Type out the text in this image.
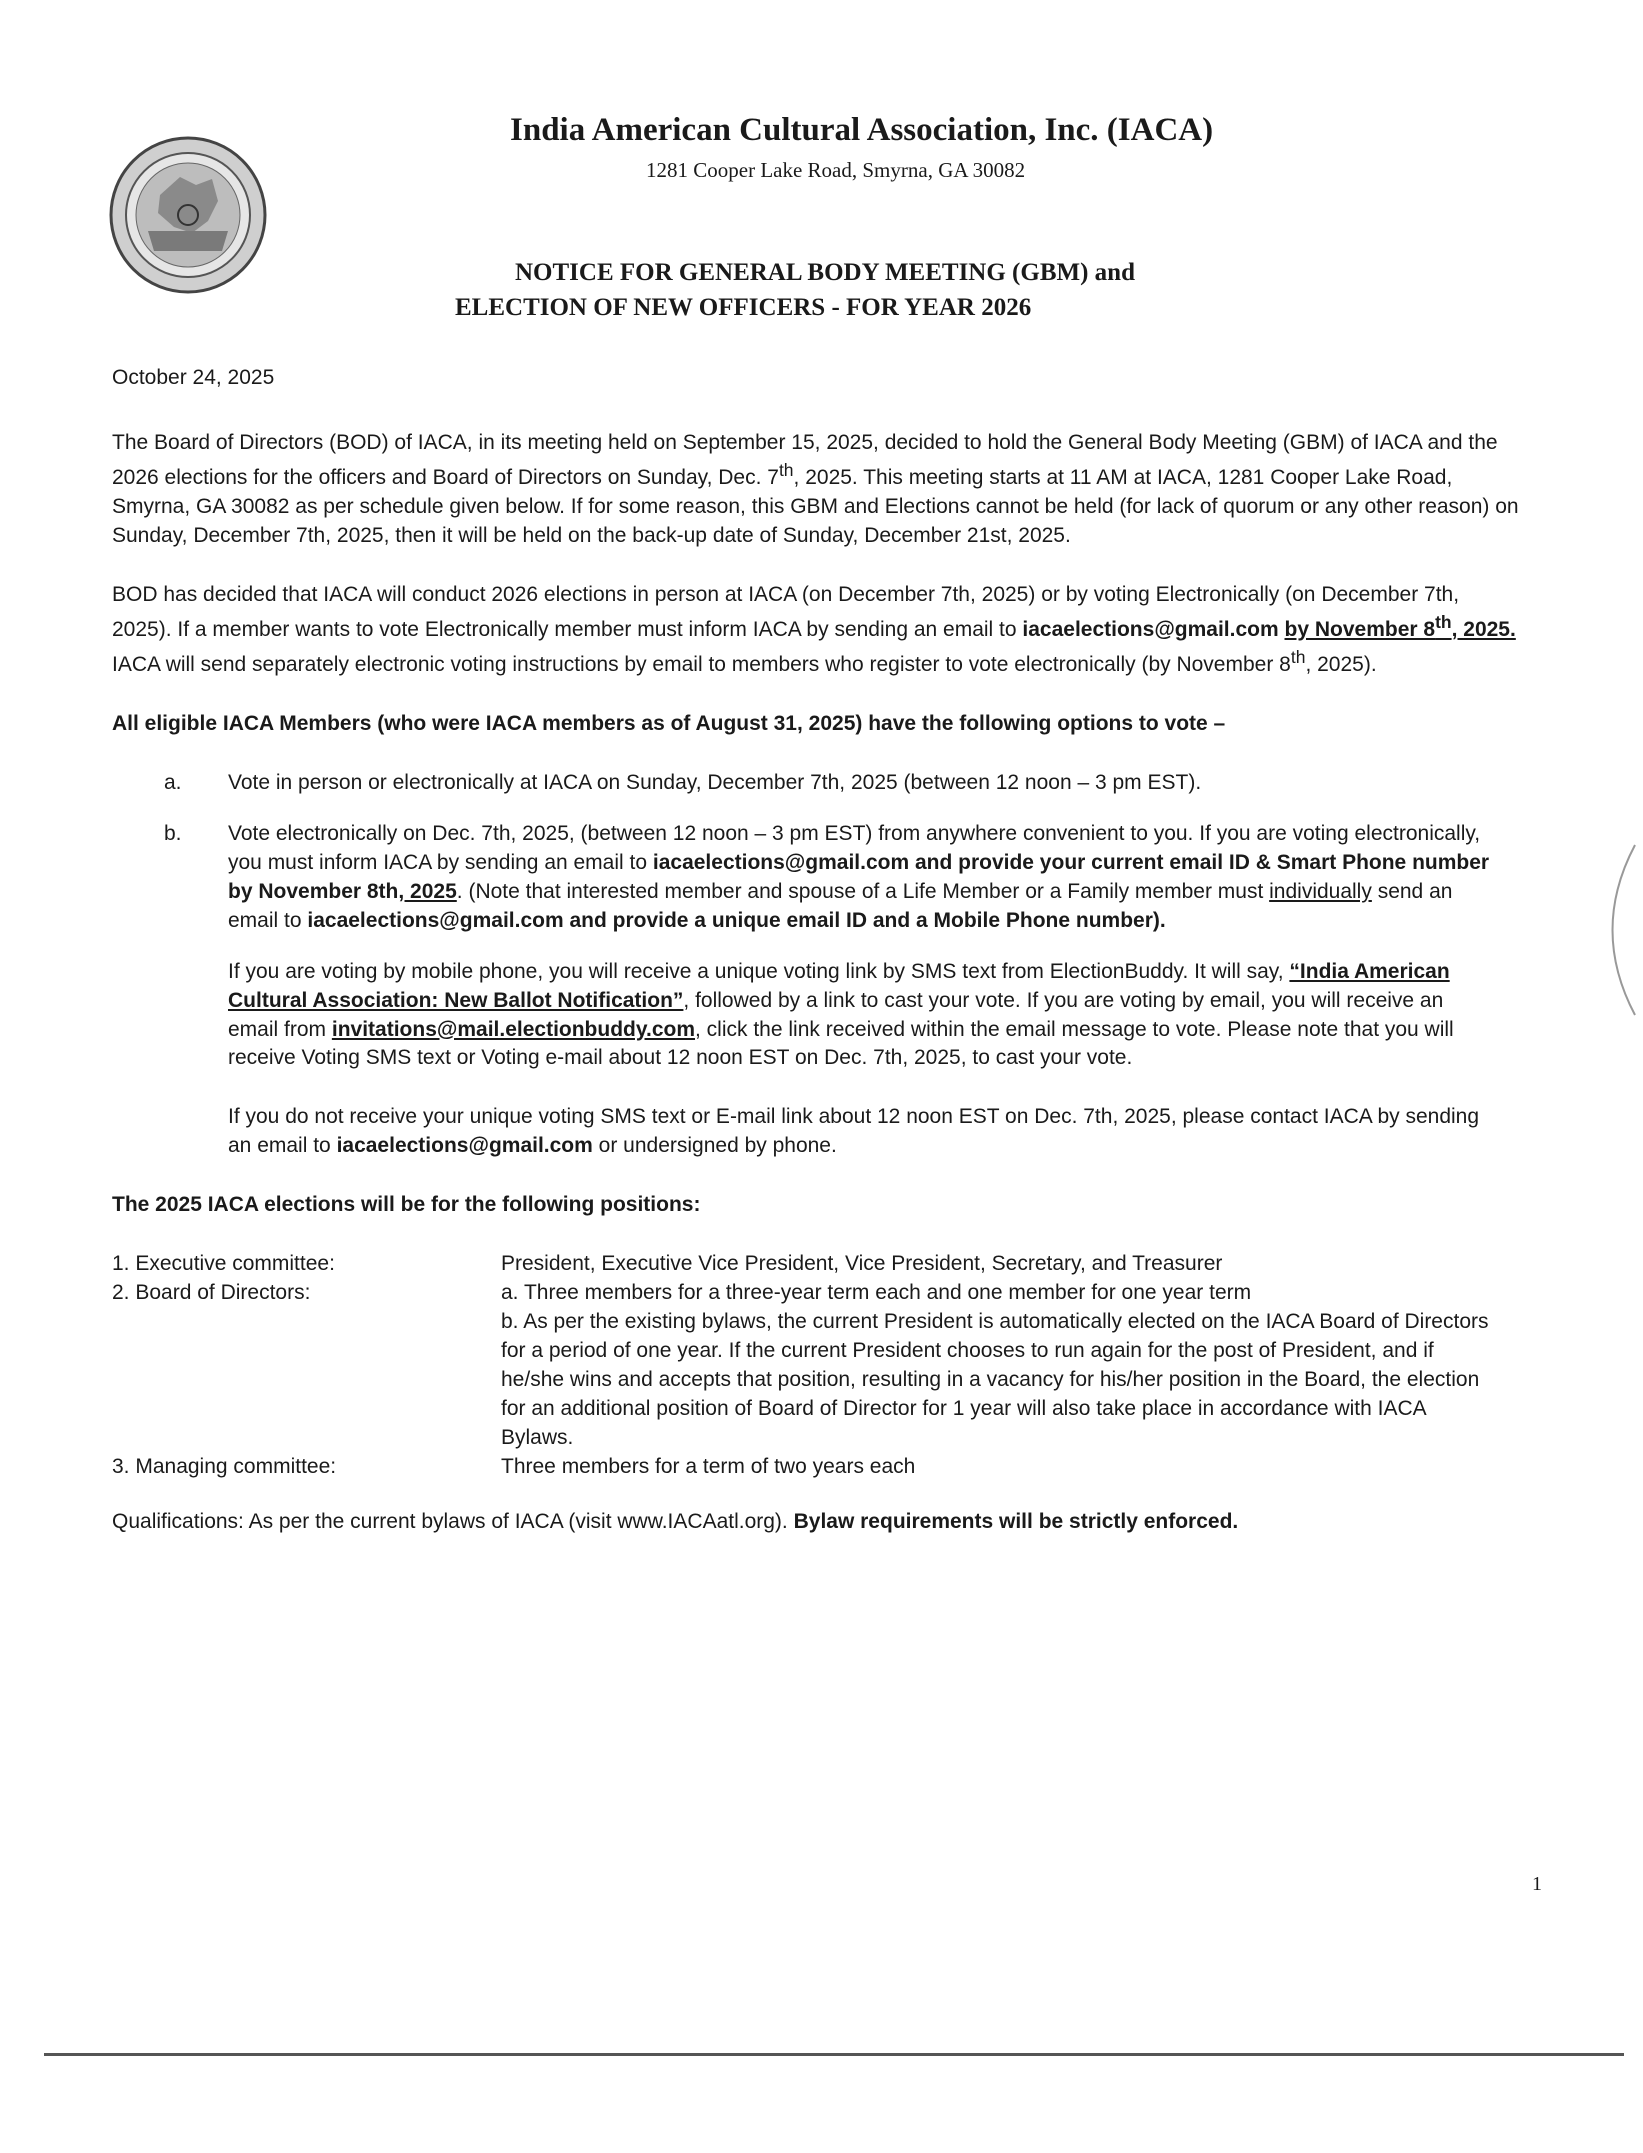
India American Cultural Association, Inc. (IACA)
1281 Cooper Lake Road, Smyrna, GA 30082
NOTICE FOR GENERAL BODY MEETING (GBM) and
ELECTION OF NEW OFFICERS - FOR YEAR 2026
October 24, 2025

The Board of Directors (BOD) of IACA, in its meeting held on September 15, 2025, decided to hold the General Body Meeting (GBM) of IACA and the 2026 elections for the officers and Board of Directors on Sunday, Dec. 7th, 2025. This meeting starts at 11 AM at IACA, 1281 Cooper Lake Road, Smyrna, GA 30082 as per schedule given below. If for some reason, this GBM and Elections cannot be held (for lack of quorum or any other reason) on Sunday, December 7th, 2025, then it will be held on the back-up date of Sunday, December 21st, 2025.

BOD has decided that IACA will conduct 2026 elections in person at IACA (on December 7th, 2025) or by voting Electronically (on December 7th, 2025). If a member wants to vote Electronically member must inform IACA by sending an email to iacaelections@gmail.com by November 8th, 2025. IACA will send separately electronic voting instructions by email to members who register to vote electronically (by November 8th, 2025).

All eligible IACA Members (who were IACA members as of August 31, 2025) have the following options to vote –

a.	Vote in person or electronically at IACA on Sunday, December 7th, 2025 (between 12 noon – 3 pm EST).
b.	Vote electronically on Dec. 7th, 2025, (between 12 noon – 3 pm EST) from anywhere convenient to you. If you are voting electronically, you must inform IACA by sending an email to iacaelections@gmail.com and provide your current email ID & Smart Phone number by November 8th, 2025. (Note that interested member and spouse of a Life Member or a Family member must individually send an email to iacaelections@gmail.com and provide a unique email ID and a Mobile Phone number).
If you are voting by mobile phone, you will receive a unique voting link by SMS text from ElectionBuddy. It will say, “India American Cultural Association: New Ballot Notification”, followed by a link to cast your vote. If you are voting by email, you will receive an email from invitations@mail.electionbuddy.com, click the link received within the email message to vote. Please note that you will receive Voting SMS text or Voting e-mail about 12 noon EST on Dec. 7th, 2025, to cast your vote.
If you do not receive your unique voting SMS text or E-mail link about 12 noon EST on Dec. 7th, 2025, please contact IACA by sending an email to iacaelections@gmail.com or undersigned by phone.
The 2025 IACA elections will be for the following positions:
1. Executive committee:	President, Executive Vice President, Vice President, Secretary, and Treasurer
2. Board of Directors:	a. Three members for a three-year term each and one member for one year term
b. As per the existing bylaws, the current President is automatically elected on the IACA Board of Directors for a period of one year. If the current President chooses to run again for the post of President, and if he/she wins and accepts that position, resulting in a vacancy for his/her position in the Board, the election for an additional position of Board of Director for 1 year will also take place in accordance with IACA Bylaws.
3. Managing committee:	Three members for a term of two years each
Qualifications: As per the current bylaws of IACA (visit www.IACAatl.org). Bylaw requirements will be strictly enforced.
1
